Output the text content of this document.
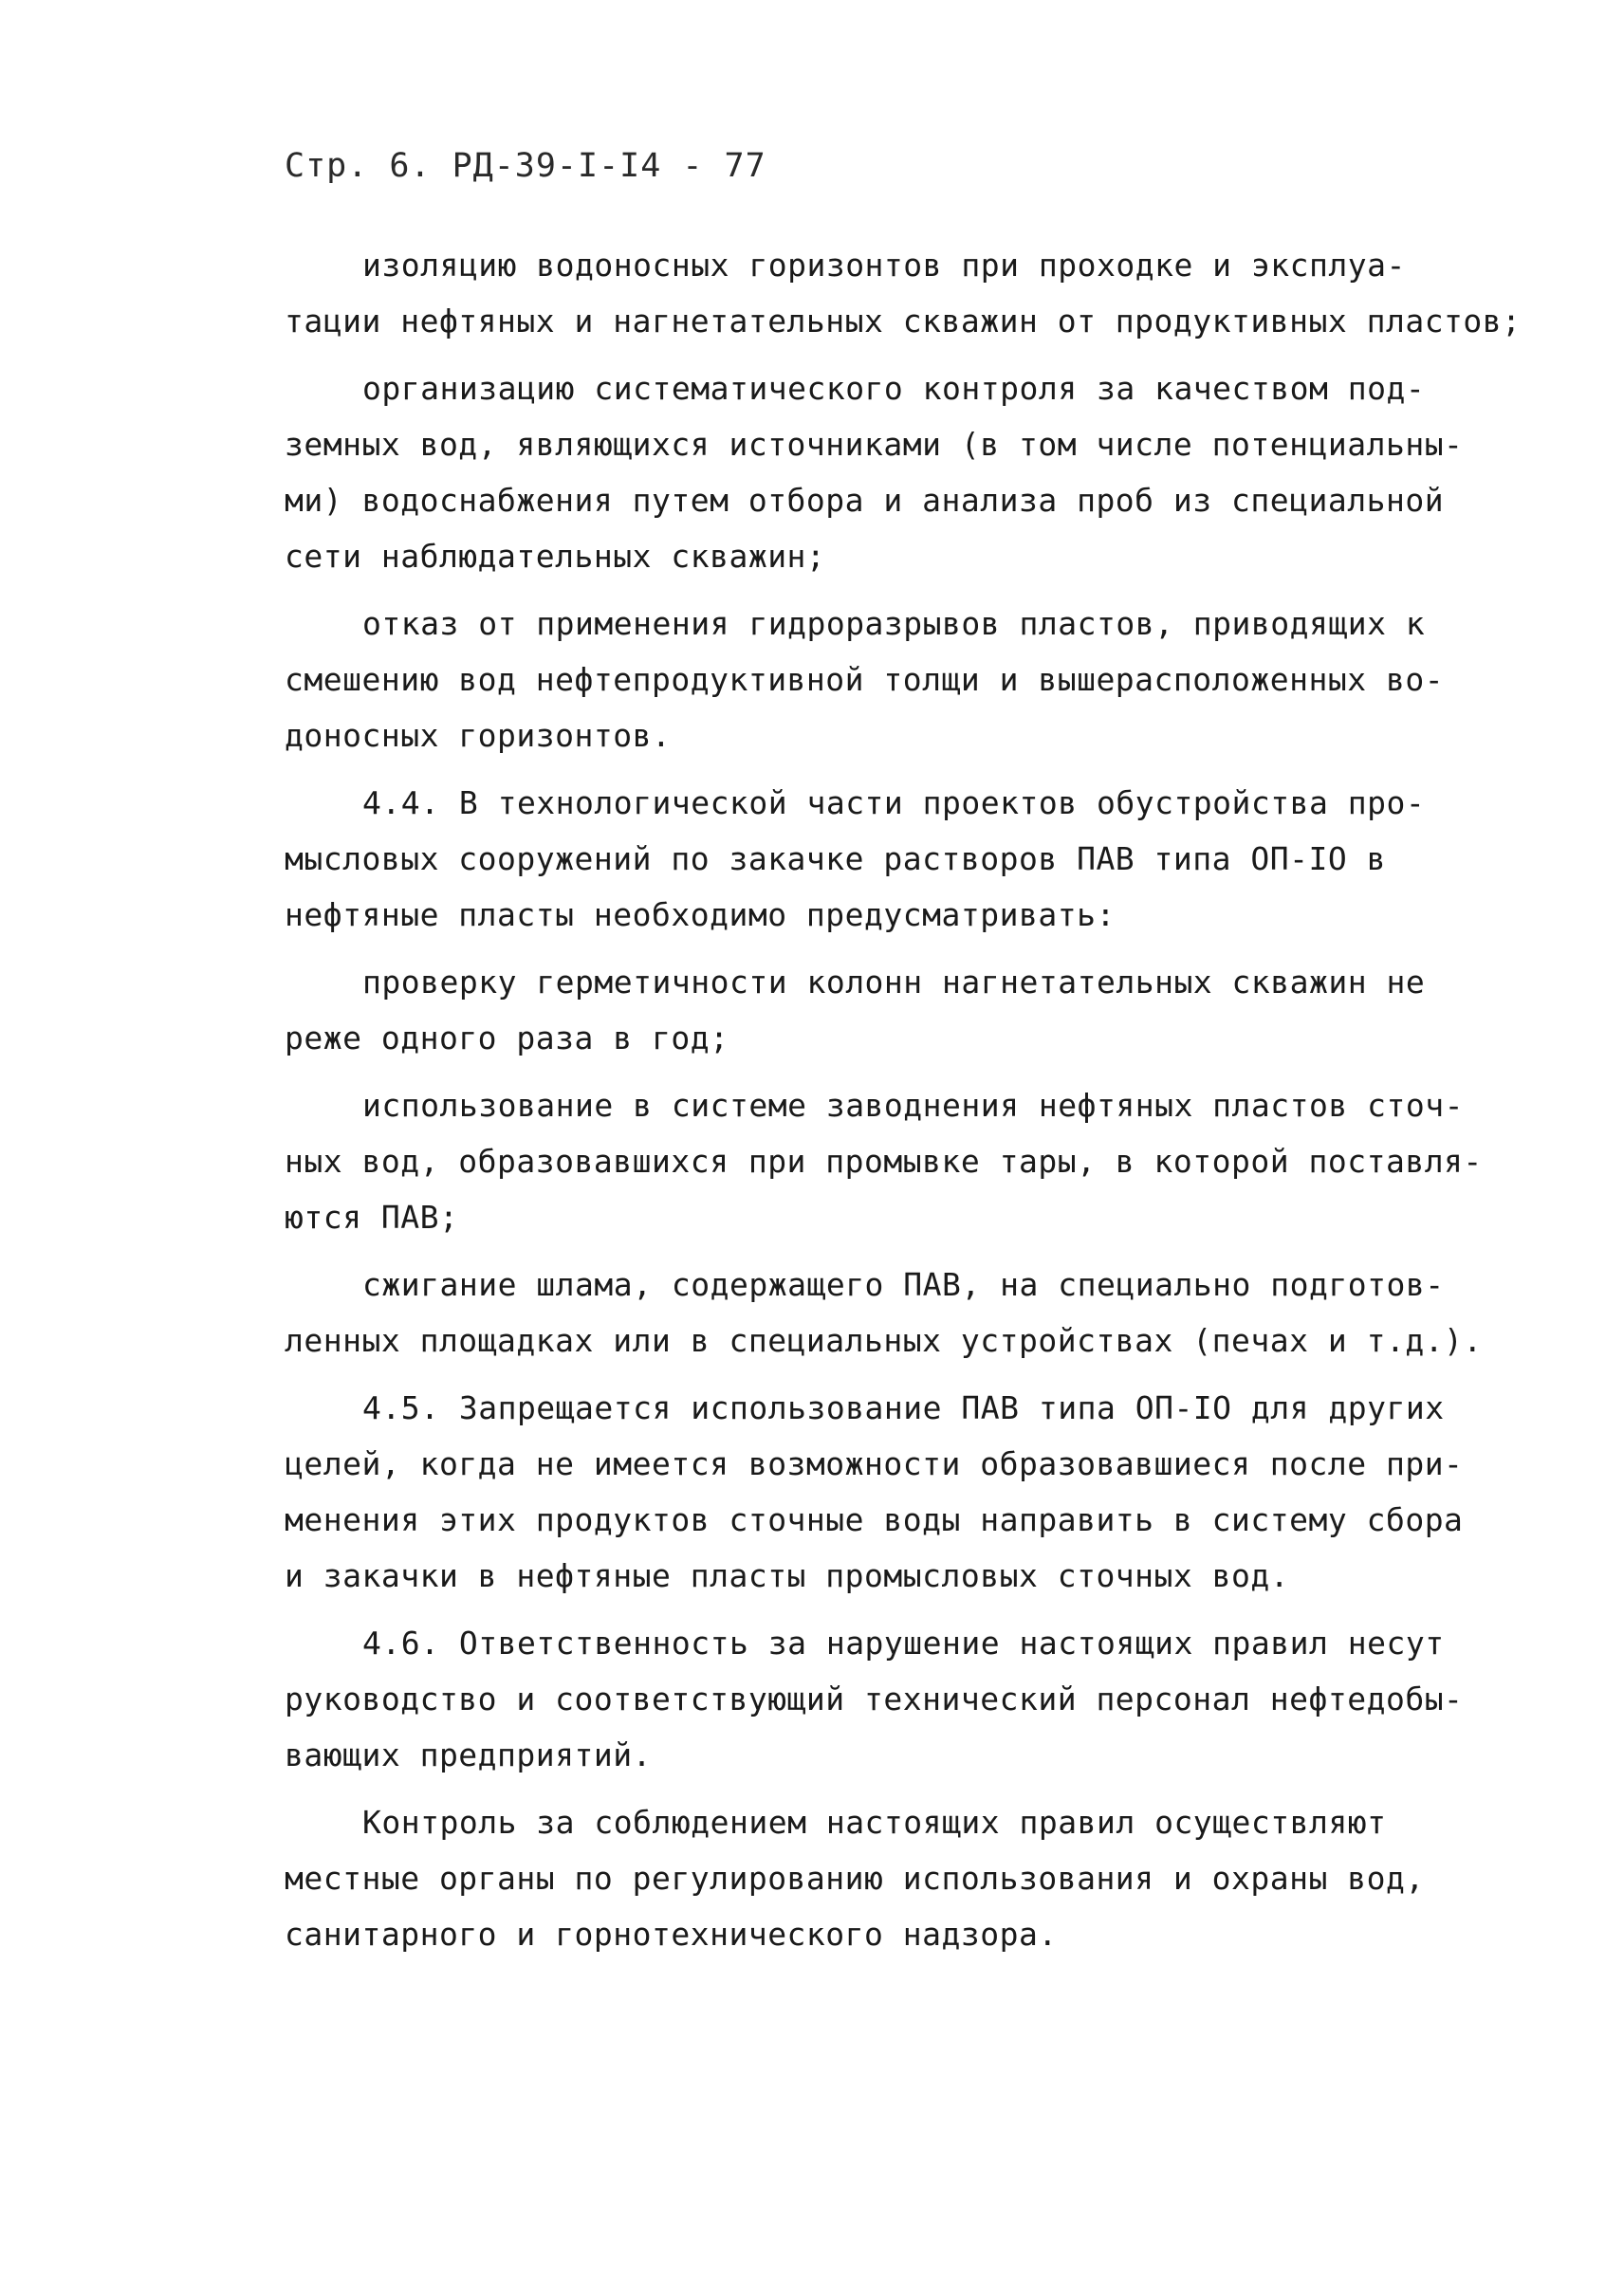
Стр. 6. РД-39-I-I4 - 77
изоляцию водоносных горизонтов при проходке и эксплуа-
тации нефтяных и нагнетательных скважин от продуктивных пластов;
организацию систематического контроля за качеством под-
земных вод, являющихся источниками (в том числе потенциальны-
ми) водоснабжения путем отбора и анализа проб из специальной
сети наблюдательных скважин;
отказ от применения гидроразрывов пластов, приводящих к
смешению вод нефтепродуктивной толщи и вышерасположенных во-
доносных горизонтов.
4.4. В технологической части проектов обустройства про-
мысловых сооружений по закачке растворов ПАВ типа ОП-IO в
нефтяные пласты необходимо предусматривать:
проверку герметичности колонн нагнетательных скважин не
реже одного раза в год;
использование в системе заводнения нефтяных пластов сточ-
ных вод, образовавшихся при промывке тары, в которой поставля-
ются ПАВ;
сжигание шлама, содержащего ПАВ, на специально подготов-
ленных площадках или в специальных устройствах (печах и т.д.).
4.5. Запрещается использование ПАВ типа ОП-IO для других
целей, когда не имеется возможности образовавшиеся после при-
менения этих продуктов сточные воды направить в систему сбора
и закачки в нефтяные пласты промысловых сточных вод.
4.6. Ответственность за нарушение настоящих правил несут
руководство и соответствующий технический персонал нефтедобы-
вающих предприятий.
Контроль за соблюдением настоящих правил осуществляют
местные органы по регулированию использования и охраны вод,
санитарного и горнотехнического надзора.
